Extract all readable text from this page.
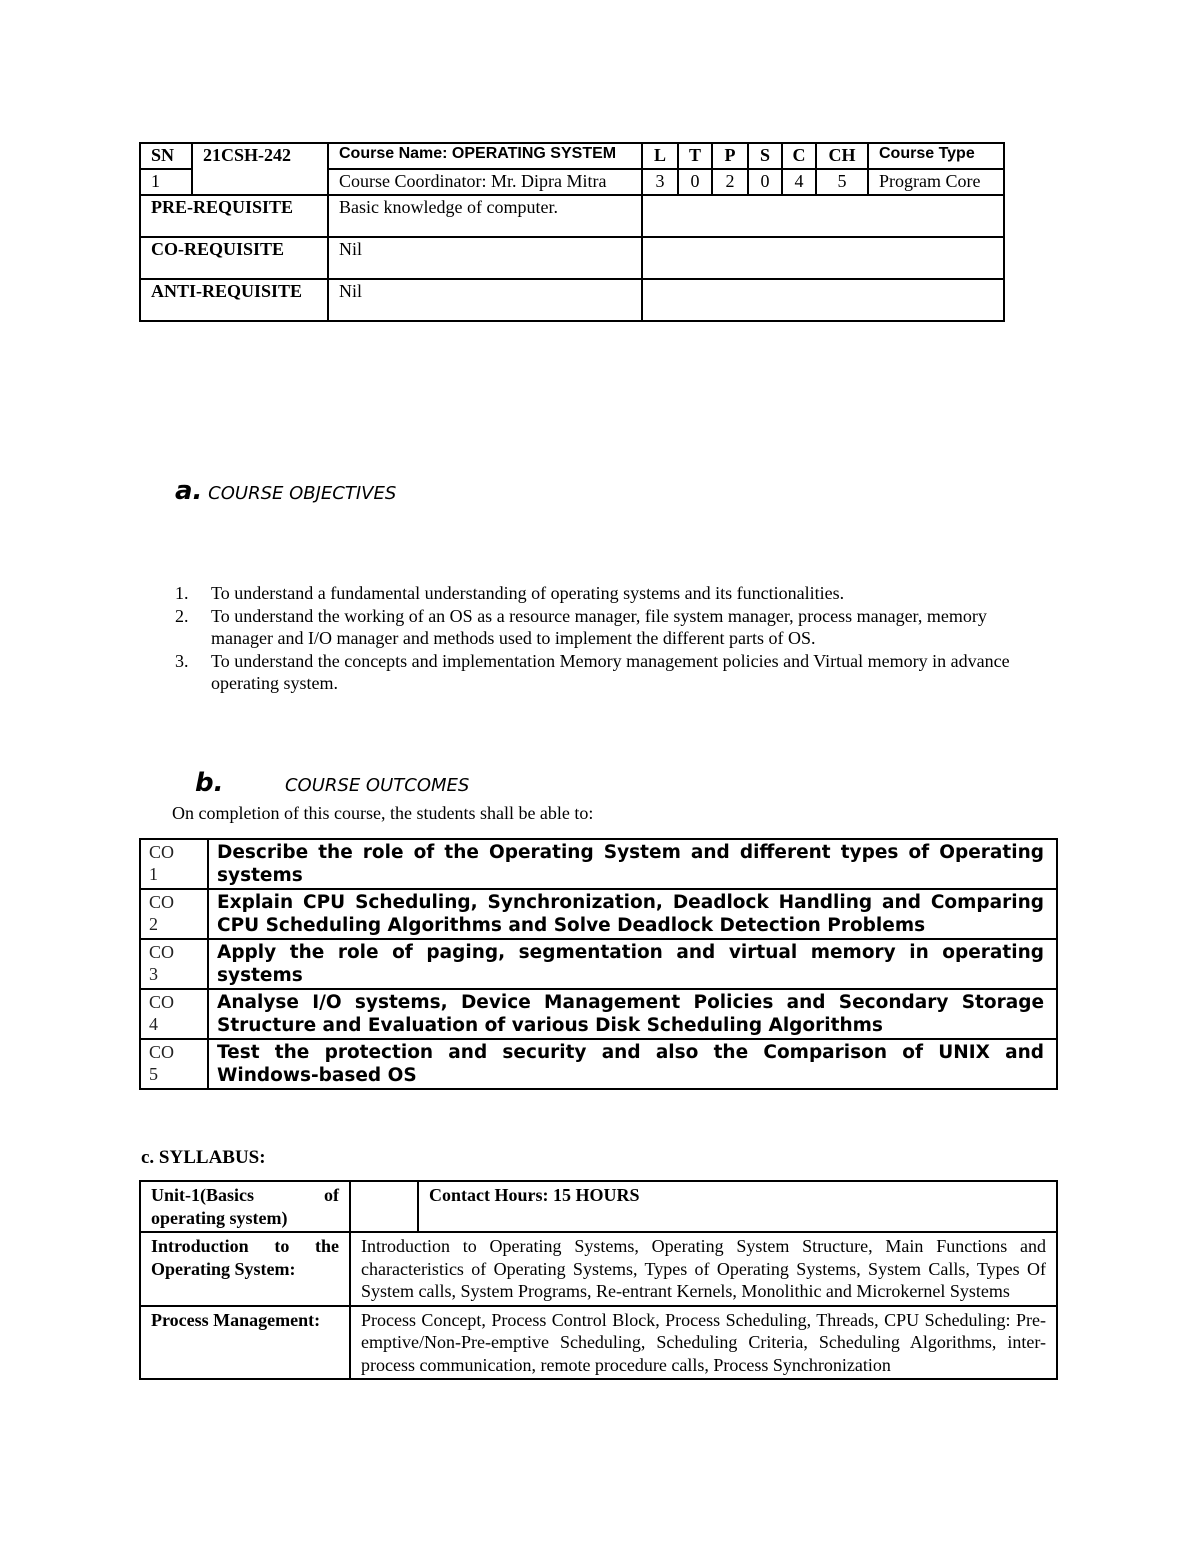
SN	21CSH-242	Course Name: OPERATING SYSTEM	L	T	P	S	C	CH	Course Type
1		Course Coordinator: Mr. Dipra Mitra	3	0	2	0	4	5	Program Core
PRE-REQUISITE		Basic knowledge of computer.							
CO-REQUISITE		Nil							
ANTI-REQUISITE		Nil							
a. COURSE OBJECTIVES
1. To understand a fundamental understanding of operating systems and its functionalities.
2. To understand the working of an OS as a resource manager, file system manager, process manager, memory manager and I/O manager and methods used to implement the different parts of OS.
3. To understand the concepts and implementation Memory management policies and Virtual memory in advance operating system.
b.	COURSE OUTCOMES
On completion of this course, the students shall be able to:
CO
1	Describe the role of the Operating System and different types of Operating systems
CO
2	Explain CPU Scheduling, Synchronization, Deadlock Handling and Comparing CPU Scheduling Algorithms and Solve Deadlock Detection Problems
CO
3	Apply the role of paging, segmentation and virtual memory in operating systems
CO
4	Analyse I/O systems, Device Management Policies and Secondary Storage Structure and Evaluation of various Disk Scheduling Algorithms
CO
5	Test the protection and security and also the Comparison of UNIX and Windows-based OS
c. SYLLABUS:
Unit-1(Basics of operating system)		Contact Hours: 15 HOURS
Introduction to the Operating System:	Introduction to Operating Systems, Operating System Structure, Main Functions and characteristics of Operating Systems, Types of Operating Systems, System Calls, Types Of System calls, System Programs, Re-entrant Kernels, Monolithic and Microkernel Systems	
Process Management:	Process Concept, Process Control Block, Process Scheduling, Threads, CPU Scheduling: Pre-emptive/Non-Pre-emptive Scheduling, Scheduling Criteria, Scheduling Algorithms, inter-process communication, remote procedure calls, Process Synchronization	
